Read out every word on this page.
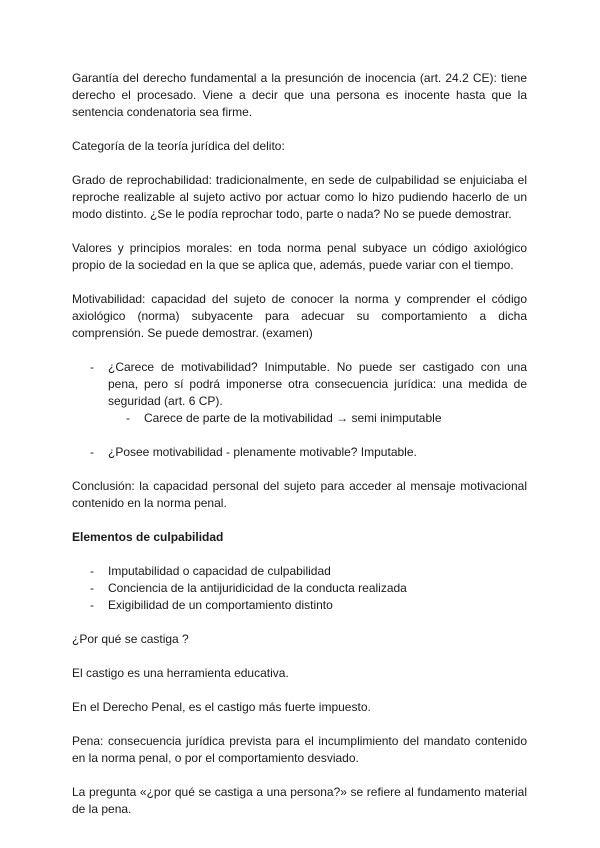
Garantía del derecho fundamental a la presunción de inocencia (art. 24.2 CE): tiene derecho el procesado. Viene a decir que una persona es inocente hasta que la sentencia condenatoria sea firme.

Categoría de la teoría jurídica del delito:

Grado de reprochabilidad: tradicionalmente, en sede de culpabilidad se enjuiciaba el reproche realizable al sujeto activo por actuar como lo hizo pudiendo hacerlo de un modo distinto. ¿Se le podía reprochar todo, parte o nada? No se puede demostrar.

Valores y principios morales: en toda norma penal subyace un código axiológico propio de la sociedad en la que se aplica que, además, puede variar con el tiempo.

Motivabilidad: capacidad del sujeto de conocer la norma y comprender el código axiológico (norma) subyacente para adecuar su comportamiento a dicha comprensión. Se puede demostrar. (examen)

- ¿Carece de motivabilidad? Inimputable. No puede ser castigado con una pena, pero sí podrá imponerse otra consecuencia jurídica: una medida de seguridad (art. 6 CP).
- Carece de parte de la motivabilidad → semi inimputable
- ¿Posee motivabilidad - plenamente motivable? Imputable.

Conclusión: la capacidad personal del sujeto para acceder al mensaje motivacional contenido en la norma penal.

Elementos de culpabilidad

- Imputabilidad o capacidad de culpabilidad
- Conciencia de la antijuridicidad de la conducta realizada
- Exigibilidad de un comportamiento distinto

¿Por qué se castiga ?

El castigo es una herramienta educativa.

En el Derecho Penal, es el castigo más fuerte impuesto.

Pena: consecuencia jurídica prevista para el incumplimiento del mandato contenido en la norma penal, o por el comportamiento desviado.

La pregunta «¿por qué se castiga a una persona?» se refiere al fundamento material de la pena.
